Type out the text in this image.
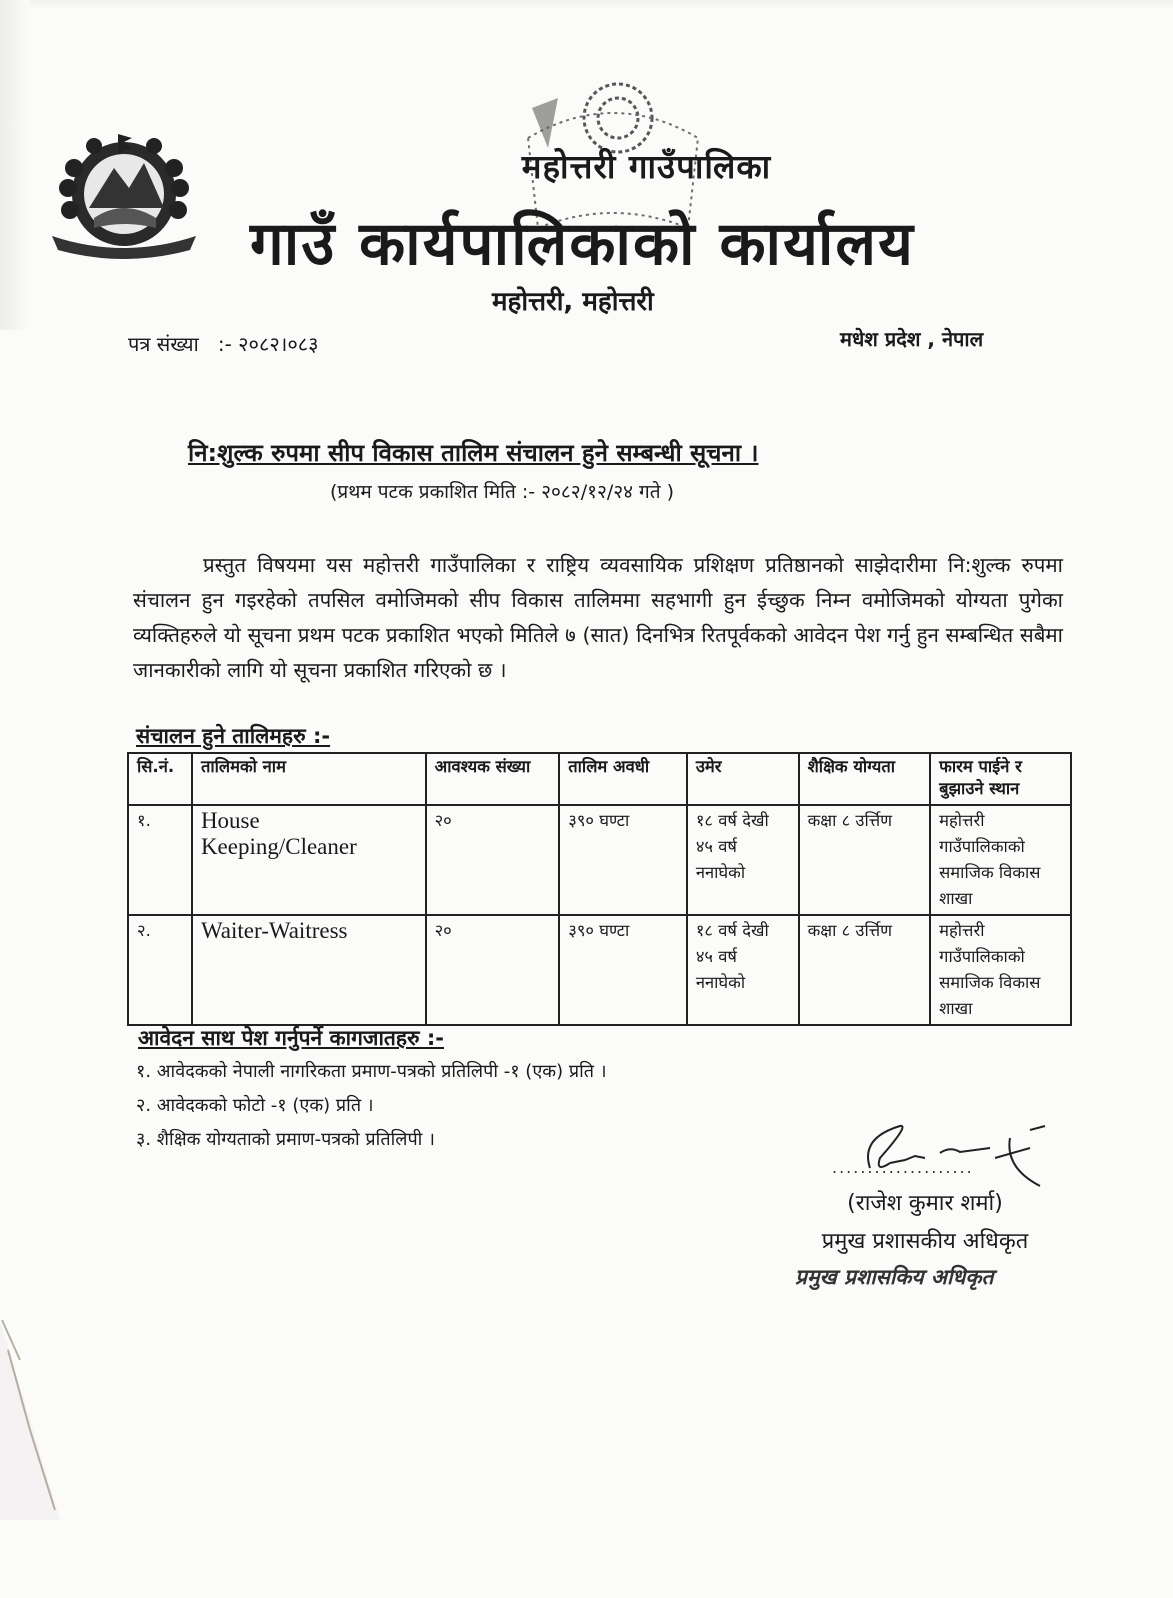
महोत्तरी गाउँपालिका
गाउँ कार्यपालिकाको कार्यालय
महोत्तरी, महोत्तरी
पत्र संख्या :- २०८२।०८३	मधेश प्रदेश , नेपाल
नि:शुल्क रुपमा सीप विकास तालिम संचालन हुने सम्बन्धी सूचना ।
(प्रथम पटक प्रकाशित मिति :- २०८२/१२/२४ गते )
प्रस्तुत विषयमा यस महोत्तरी गाउँपालिका र राष्ट्रिय व्यवसायिक प्रशिक्षण प्रतिष्ठानको साझेदारीमा नि:शुल्क रुपमा संचालन हुन गइरहेको तपसिल वमोजिमको सीप विकास तालिममा सहभागी हुन ईच्छुक निम्न वमोजिमको योग्यता पुगेका व्यक्तिहरुले यो सूचना प्रथम पटक प्रकाशित भएको मितिले ७ (सात) दिनभित्र रितपूर्वकको आवेदन पेश गर्नु हुन सम्बन्धित सबैमा जानकारीको लागि यो सूचना प्रकाशित गरिएको छ ।
संचालन हुने तालिमहरु :-
सि.नं.	तालिमको नाम	आवश्यक संख्या	तालिम अवधी	उमेर	शैक्षिक योग्यता	फारम पाईने र बुझाउने स्थान
१.	House Keeping/Cleaner	२०	३९० घण्टा	१८ वर्ष देखी ४५ वर्ष ननाघेको	कक्षा ८ उर्त्तिण	महोत्तरी गाउँपालिकाको समाजिक विकास शाखा
२.	Waiter-Waitress	२०	३९० घण्टा	१८ वर्ष देखी ४५ वर्ष ननाघेको	कक्षा ८ उर्त्तिण	महोत्तरी गाउँपालिकाको समाजिक विकास शाखा
आवेदन साथ पेश गर्नुपर्ने कागजातहरु :-
१. आवेदकको नेपाली नागरिकता प्रमाण-पत्रको प्रतिलिपी -१ (एक) प्रति ।
२. आवेदकको फोटो -१ (एक) प्रति ।
३. शैक्षिक योग्यताको प्रमाण-पत्रको प्रतिलिपी ।
....................
(राजेश कुमार शर्मा)
प्रमुख प्रशासकीय अधिकृत
प्रमुख प्रशासकिय अधिकृत
